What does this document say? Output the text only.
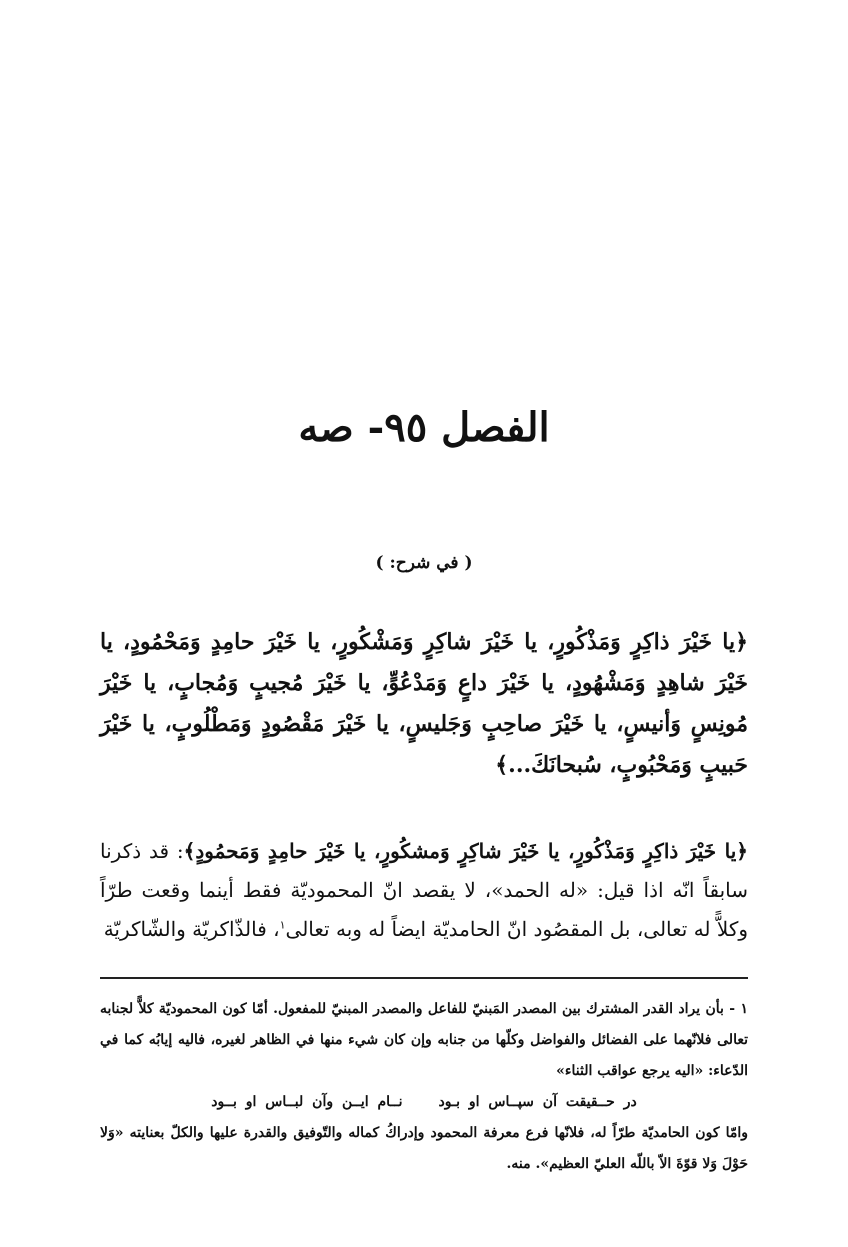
الفصل ٩٥- صه
( في شرح: )
﴿يا خَيْرَ ذاكِرٍ وَمَذْكُورٍ، يا خَيْرَ شاكِرٍ وَمَشْكُورٍ، يا خَيْرَ حامِدٍ وَمَحْمُودٍ، يا خَيْرَ شاهِدٍ وَمَشْهُودٍ، يا خَيْرَ داعٍ وَمَدْعُوٍّ، يا خَيْرَ مُجيبٍ وَمُجابٍ، يا خَيْرَ مُونِسٍ وَأنيسٍ، يا خَيْرَ صاحِبٍ وَجَليسٍ، يا خَيْرَ مَقْصُودٍ وَمَطْلُوبٍ، يا خَيْرَ حَبيبٍ وَمَحْبُوبٍ، سُبحانَكَ...﴾
﴿يا خَيْرَ ذاكِرٍ وَمَذْكُورٍ، يا خَيْرَ شاكِرٍ وَمشكُورٍ، يا خَيْرَ حامِدٍ وَمَحمُودٍ﴾: قد ذكرنا سابقاً انّه اذا قيل: «له الحمد»، لا يقصد انّ المحموديّة فقط أينما وقعت طرّاً وكلاًّ له تعالى، بل المقصُود انّ الحامديّة ايضاً له وبه تعالى$^١$، فالذّاكريّة والشّاكريّة

١ - بأن يراد القدر المشترك بين المصدر المَبنيّ للفاعل والمصدر المبنيّ للمفعول. أمّا كون المحموديّة كلاًّ لجنابه تعالى فلانّهما على الفضائل والفواضل وكلّها من جنابه وإن كان شيء منها في الظاهر لغيره، فاليه إيابُه كما في الدّعاء: «اليه يرجع عواقب الثناء»

در حــقيقت آن سپــاس او بـودنــام ايــن وآن لبــاس او بــود

وامّا كون الحامديّة طرّاً له، فلانّها فرع معرفة المحمود وإدراكُ كماله والتّوفيق والقدرة عليها والكلّ بعنايته «وَلا حَوْلَ وَلا قوّةَ الاّ باللّه العليّ العظيم». منه.
